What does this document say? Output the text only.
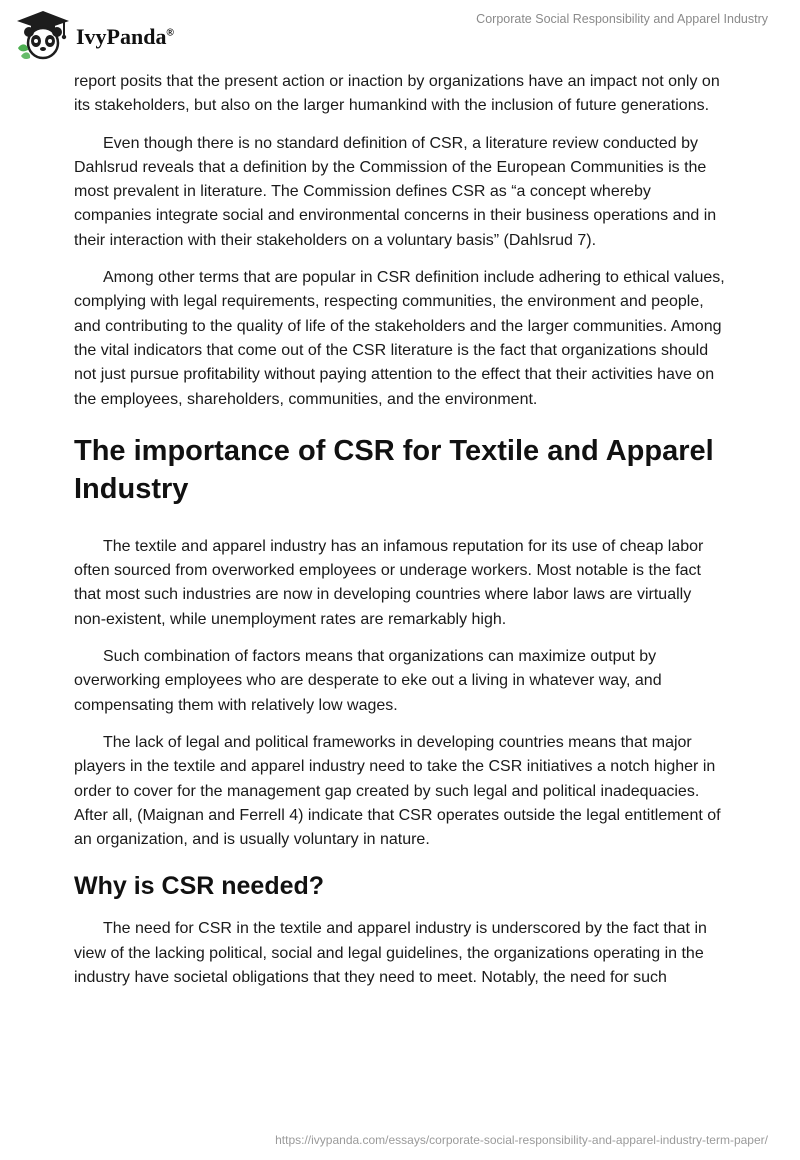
IvyPanda®
Corporate Social Responsibility and Apparel Industry

report posits that the present action or inaction by organizations have an impact not only on its stakeholders, but also on the larger humankind with the inclusion of future generations.

Even though there is no standard definition of CSR, a literature review conducted by Dahlsrud reveals that a definition by the Commission of the European Communities is the most prevalent in literature. The Commission defines CSR as “a concept whereby companies integrate social and environmental concerns in their business operations and in their interaction with their stakeholders on a voluntary basis” (Dahlsrud 7).

Among other terms that are popular in CSR definition include adhering to ethical values, complying with legal requirements, respecting communities, the environment and people, and contributing to the quality of life of the stakeholders and the larger communities. Among the vital indicators that come out of the CSR literature is the fact that organizations should not just pursue profitability without paying attention to the effect that their activities have on the employees, shareholders, communities, and the environment.

The importance of CSR for Textile and Apparel Industry

The textile and apparel industry has an infamous reputation for its use of cheap labor often sourced from overworked employees or underage workers. Most notable is the fact that most such industries are now in developing countries where labor laws are virtually non-existent, while unemployment rates are remarkably high.

Such combination of factors means that organizations can maximize output by overworking employees who are desperate to eke out a living in whatever way, and compensating them with relatively low wages.

The lack of legal and political frameworks in developing countries means that major players in the textile and apparel industry need to take the CSR initiatives a notch higher in order to cover for the management gap created by such legal and political inadequacies. After all, (Maignan and Ferrell 4) indicate that CSR operates outside the legal entitlement of an organization, and is usually voluntary in nature.

Why is CSR needed?

The need for CSR in the textile and apparel industry is underscored by the fact that in view of the lacking political, social and legal guidelines, the organizations operating in the industry have societal obligations that they need to meet. Notably, the need for such

https://ivypanda.com/essays/corporate-social-responsibility-and-apparel-industry-term-paper/
